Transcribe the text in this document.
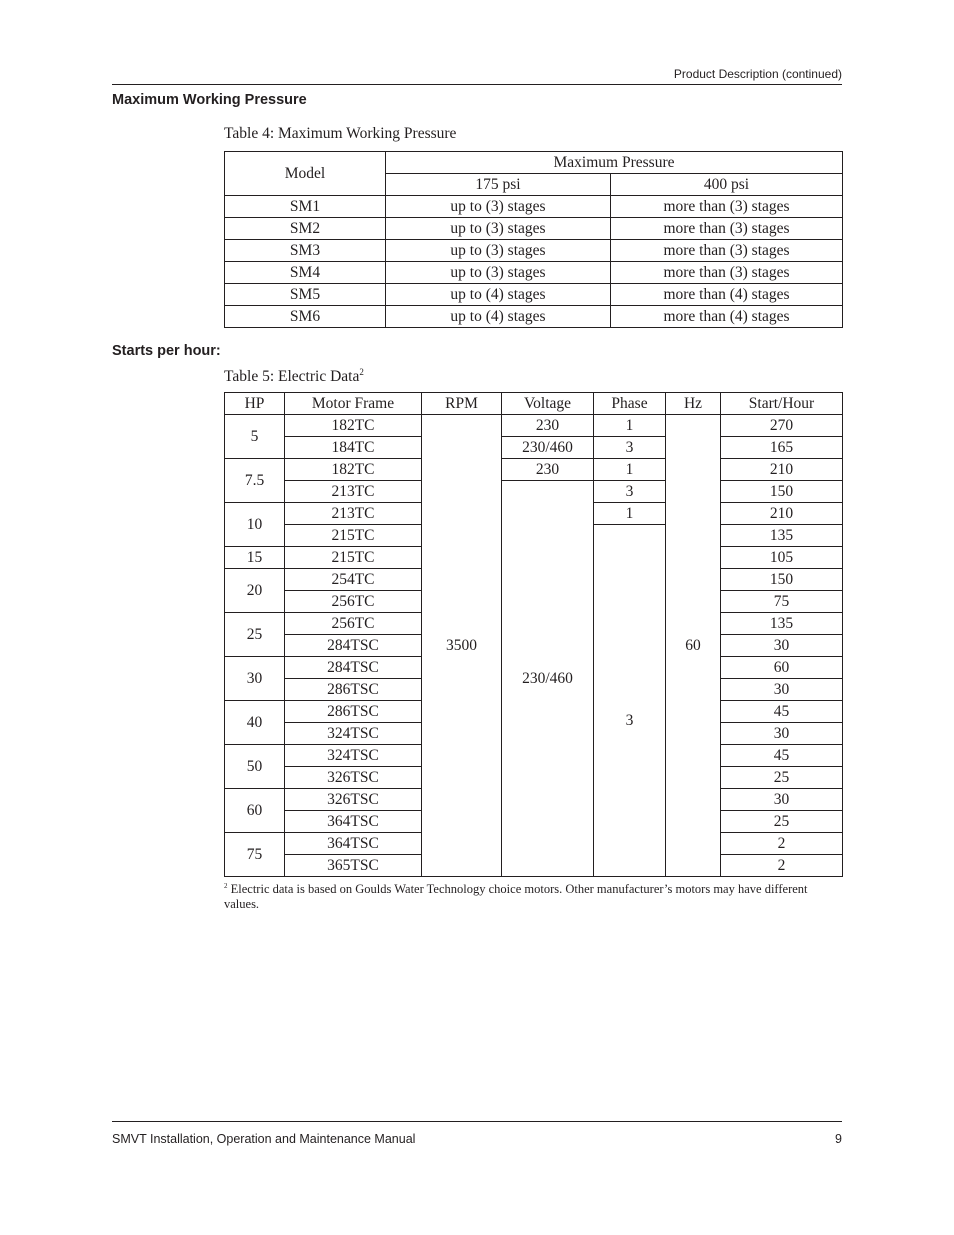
Product Description (continued)
Maximum Working Pressure
Table 4: Maximum Working Pressure
Model	Maximum Pressure	
	175 psi	400 psi
SM1	up to (3) stages	more than (3) stages
SM2	up to (3) stages	more than (3) stages
SM3	up to (3) stages	more than (3) stages
SM4	up to (3) stages	more than (3) stages
SM5	up to (4) stages	more than (4) stages
SM6	up to (4) stages	more than (4) stages
Starts per hour:
Table 5: Electric Data$^2$
HP	Motor Frame	RPM	Voltage	Phase	Hz	Start/Hour
5	182TC	3500	230	1	60	270
	184TC		230/460	3		165
7.5	182TC		230	1		210
	213TC		230/460	3		150
10	213TC			1		210
	215TC			3		135
15	215TC					105
20	254TC					150
	256TC					75
25	256TC					135
	284TSC					30
30	284TSC					60
	286TSC					30
40	286TSC					45
	324TSC					30
50	324TSC					45
	326TSC					25
60	326TSC					30
	364TSC					25
75	364TSC					2
	365TSC					2
$^2$ Electric data is based on Goulds Water Technology choice motors. Other manufacturer’s motors may have different values.
SMVT Installation, Operation and Maintenance Manual	9
